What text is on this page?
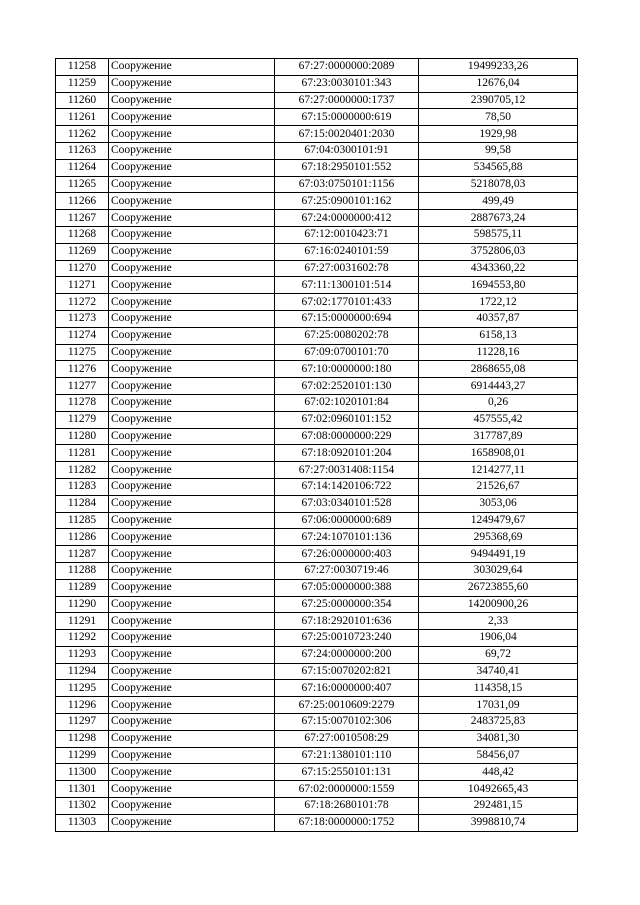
11258	Сооружение	67:27:0000000:2089	19499233,26
11259	Сооружение	67:23:0030101:343	12676,04
11260	Сооружение	67:27:0000000:1737	2390705,12
11261	Сооружение	67:15:0000000:619	78,50
11262	Сооружение	67:15:0020401:2030	1929,98
11263	Сооружение	67:04:0300101:91	99,58
11264	Сооружение	67:18:2950101:552	534565,88
11265	Сооружение	67:03:0750101:1156	5218078,03
11266	Сооружение	67:25:0900101:162	499,49
11267	Сооружение	67:24:0000000:412	2887673,24
11268	Сооружение	67:12:0010423:71	598575,11
11269	Сооружение	67:16:0240101:59	3752806,03
11270	Сооружение	67:27:0031602:78	4343360,22
11271	Сооружение	67:11:1300101:514	1694553,80
11272	Сооружение	67:02:1770101:433	1722,12
11273	Сооружение	67:15:0000000:694	40357,87
11274	Сооружение	67:25:0080202:78	6158,13
11275	Сооружение	67:09:0700101:70	11228,16
11276	Сооружение	67:10:0000000:180	2868655,08
11277	Сооружение	67:02:2520101:130	6914443,27
11278	Сооружение	67:02:1020101:84	0,26
11279	Сооружение	67:02:0960101:152	457555,42
11280	Сооружение	67:08:0000000:229	317787,89
11281	Сооружение	67:18:0920101:204	1658908,01
11282	Сооружение	67:27:0031408:1154	1214277,11
11283	Сооружение	67:14:1420106:722	21526,67
11284	Сооружение	67:03:0340101:528	3053,06
11285	Сооружение	67:06:0000000:689	1249479,67
11286	Сооружение	67:24:1070101:136	295368,69
11287	Сооружение	67:26:0000000:403	9494491,19
11288	Сооружение	67:27:0030719:46	303029,64
11289	Сооружение	67:05:0000000:388	26723855,60
11290	Сооружение	67:25:0000000:354	14200900,26
11291	Сооружение	67:18:2920101:636	2,33
11292	Сооружение	67:25:0010723:240	1906,04
11293	Сооружение	67:24:0000000:200	69,72
11294	Сооружение	67:15:0070202:821	34740,41
11295	Сооружение	67:16:0000000:407	114358,15
11296	Сооружение	67:25:0010609:2279	17031,09
11297	Сооружение	67:15:0070102:306	2483725,83
11298	Сооружение	67:27:0010508:29	34081,30
11299	Сооружение	67:21:1380101:110	58456,07
11300	Сооружение	67:15:2550101:131	448,42
11301	Сооружение	67:02:0000000:1559	10492665,43
11302	Сооружение	67:18:2680101:78	292481,15
11303	Сооружение	67:18:0000000:1752	3998810,74
